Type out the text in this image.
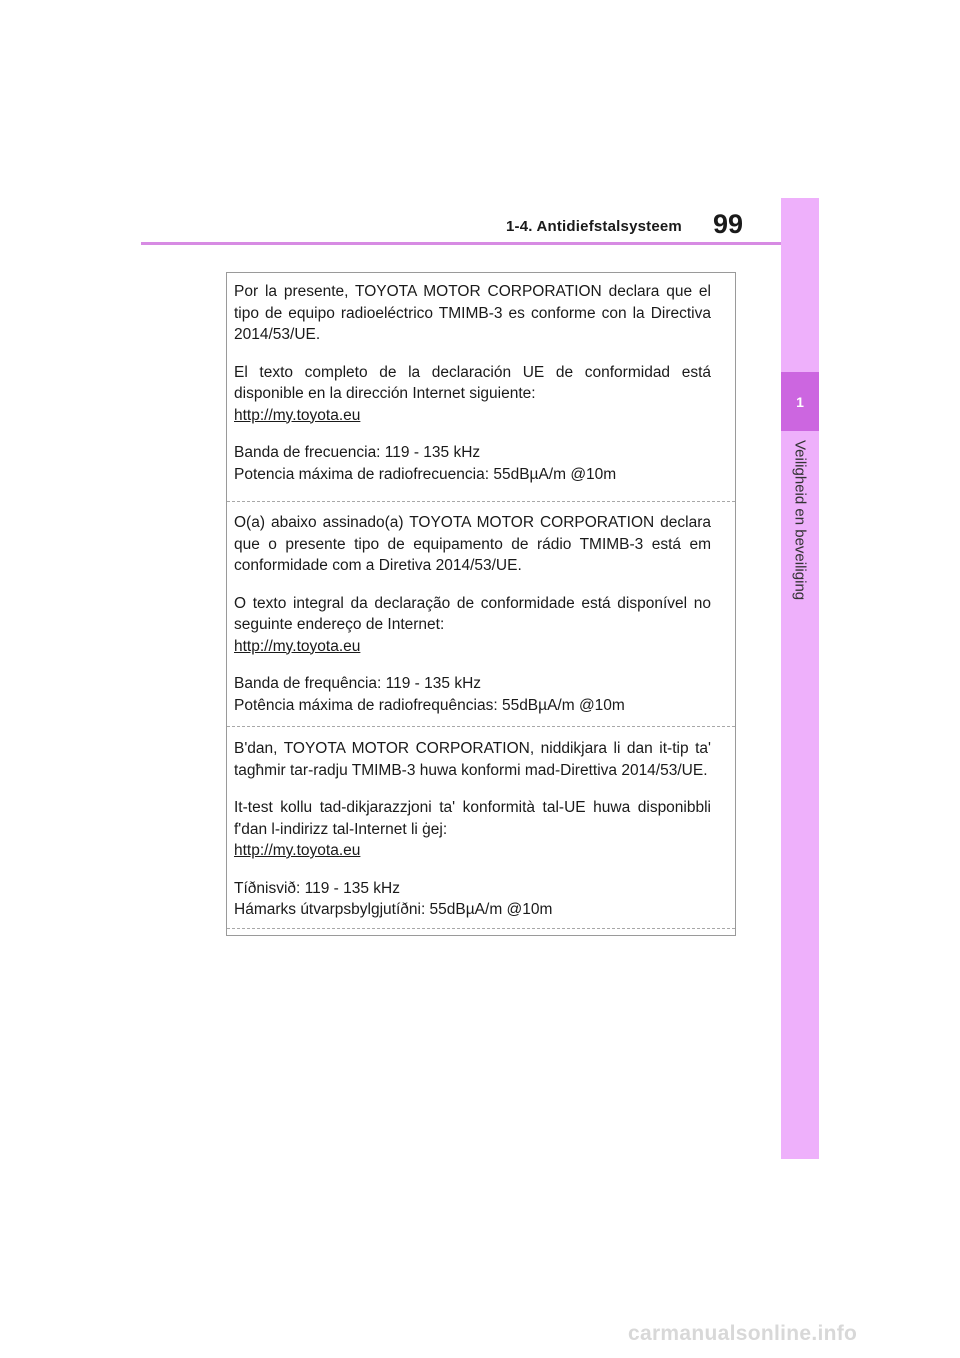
1-4. Antidiefstalsysteem 99
1
Veiligheid en beveiliging

Por la presente, TOYOTA MOTOR CORPORATION declara que el tipo de equipo radioeléctrico TMIMB-3 es conforme con la Directiva 2014/53/UE.

El texto completo de la declaración UE de conformidad está disponible en la dirección Internet siguiente:

http://my.toyota.eu

Banda de frecuencia: 119 - 135 kHz

Potencia máxima de radiofrecuencia: 55dBµA/m @10m

O(a) abaixo assinado(a) TOYOTA MOTOR CORPORATION declara que o presente tipo de equipamento de rádio TMIMB-3 está em conformidade com a Diretiva 2014/53/UE.

O texto integral da declaração de conformidade está disponível no seguinte endereço de Internet:

http://my.toyota.eu

Banda de frequência: 119 - 135 kHz

Potência máxima de radiofrequências: 55dBµA/m @10m

B'dan, TOYOTA MOTOR CORPORATION, niddikjara li dan it-tip ta' tagħmir tar-radju TMIMB-3 huwa konformi mad-Direttiva 2014/53/UE.

It-test kollu tad-dikjarazzjoni ta' konformità tal-UE huwa disponibbli f'dan l-indirizz tal-Internet li ġej:

http://my.toyota.eu

Tíðnisvið: 119 - 135 kHz

Hámarks útvarpsbylgjutíðni: 55dBµA/m @10m

carmanualsonline.info
